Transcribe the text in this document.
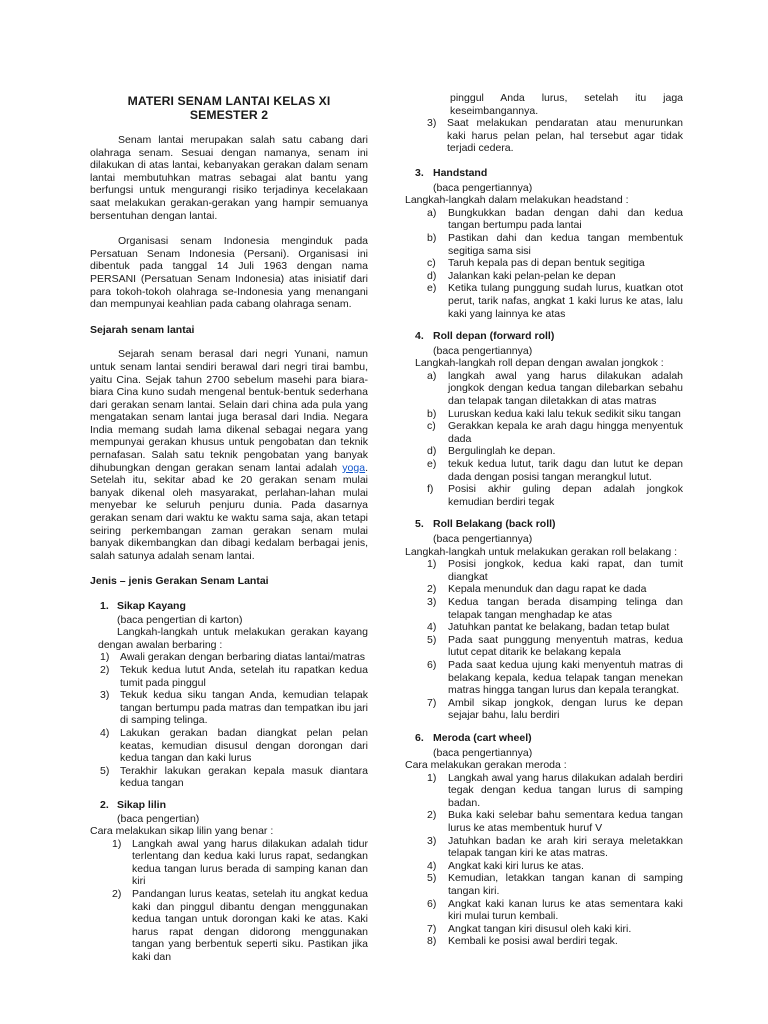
MATERI SENAM LANTAI KELAS XI
SEMESTER 2

Senam lantai merupakan salah satu cabang dari olahraga senam. Sesuai dengan namanya, senam ini dilakukan di atas lantai, kebanyakan gerakan dalam senam lantai membutuhkan matras sebagai alat bantu yang berfungsi untuk mengurangi risiko terjadinya kecelakaan saat melakukan gerakan-gerakan yang hampir semuanya bersentuhan dengan lantai.

Organisasi senam Indonesia menginduk pada Persatuan Senam Indonesia (Persani). Organisasi ini dibentuk pada tanggal 14 Juli 1963 dengan nama PERSANI (Persatuan Senam Indonesia) atas inisiatif dari para tokoh-tokoh olahraga se-Indonesia yang menangani dan mempunyai keahlian pada cabang olahraga senam.

Sejarah senam lantai

Sejarah senam berasal dari negri Yunani, namun untuk senam lantai sendiri berawal dari negri tirai bambu, yaitu Cina. Sejak tahun 2700 sebelum masehi para biara-biara Cina kuno sudah mengenal bentuk-bentuk sederhana dari gerakan senam lantai. Selain dari china ada pula yang mengatakan senam lantai juga berasal dari India. Negara India memang sudah lama dikenal sebagai negara yang mempunyai gerakan khusus untuk pengobatan dan teknik pernafasan. Salah satu teknik pengobatan yang banyak dihubungkan dengan gerakan senam lantai adalah yoga. Setelah itu, sekitar abad ke 20 gerakan senam mulai banyak dikenal oleh masyarakat, perlahan-lahan mulai menyebar ke seluruh penjuru dunia. Pada dasarnya gerakan senam dari waktu ke waktu sama saja, akan tetapi seiring perkembangan zaman gerakan senam mulai banyak dikembangkan dan dibagi kedalam berbagai jenis, salah satunya adalah senam lantai.

Jenis – jenis Gerakan Senam Lantai
1. Sikap Kayang
(baca pengertian di karton)
Langkah-langkah untuk melakukan gerakan kayang
dengan awalan berbaring :
1)	Awali gerakan dengan berbaring diatas lantai/matras
2)	Tekuk kedua lutut Anda, setelah itu rapatkan kedua tumit pada pinggul
3)	Tekuk kedua siku tangan Anda, kemudian telapak tangan bertumpu pada matras dan tempatkan ibu jari di samping telinga.
4)	Lakukan gerakan badan diangkat pelan pelan keatas, kemudian disusul dengan dorongan dari kedua tangan dan kaki lurus
5)	Terakhir lakukan gerakan kepala masuk diantara kedua tangan
2. Sikap lilin
(baca pengertian)
Cara melakukan sikap lilin yang benar :
1)	Langkah awal yang harus dilakukan adalah tidur terlentang dan kedua kaki lurus rapat, sedangkan kedua tangan lurus berada di samping kanan dan kiri
2)	Pandangan lurus keatas, setelah itu angkat kedua kaki dan pinggul dibantu dengan menggunakan kedua tangan untuk dorongan kaki ke atas. Kaki harus rapat dengan didorong menggunakan tangan yang berbentuk seperti siku. Pastikan jika kaki dan
pinggul Anda lurus, setelah itu jaga keseimbangannya.
3)	Saat melakukan pendaratan atau menurunkan kaki harus pelan pelan, hal tersebut agar tidak terjadi cedera.
3. Handstand
(baca pengertiannya)
Langkah-langkah dalam melakukan headstand :
a)	Bungkukkan badan dengan dahi dan kedua tangan bertumpu pada lantai
b)	Pastikan dahi dan kedua tangan membentuk segitiga sama sisi
c)	Taruh kepala pas di depan bentuk segitiga
d)	Jalankan kaki pelan-pelan ke depan
e)	Ketika tulang punggung sudah lurus, kuatkan otot perut, tarik nafas, angkat 1 kaki lurus ke atas, lalu kaki yang lainnya ke atas
4. Roll depan (forward roll)
(baca pengertiannya)
Langkah-langkah roll depan dengan awalan jongkok :
a)	langkah awal yang harus dilakukan adalah jongkok dengan kedua tangan dilebarkan sebahu dan telapak tangan diletakkan di atas matras
b)	Luruskan kedua kaki lalu tekuk sedikit siku tangan
c)	Gerakkan kepala ke arah dagu hingga menyentuk dada
d)	Bergulinglah ke depan.
e)	tekuk kedua lutut, tarik dagu dan lutut ke depan dada dengan posisi tangan merangkul lutut.
f)	Posisi akhir guling depan adalah jongkok kemudian berdiri tegak
5. Roll Belakang (back roll)
(baca pengertiannya)
Langkah-langkah untuk melakukan gerakan roll belakang :
1)	Posisi jongkok, kedua kaki rapat, dan tumit diangkat
2)	Kepala menunduk dan dagu rapat ke dada
3)	Kedua tangan berada disamping telinga dan telapak tangan menghadap ke atas
4)	Jatuhkan pantat ke belakang, badan tetap bulat
5)	Pada saat punggung menyentuh matras, kedua lutut cepat ditarik ke belakang kepala
6)	Pada saat kedua ujung kaki menyentuh matras di belakang kepala, kedua telapak tangan menekan matras hingga tangan lurus dan kepala terangkat.
7)	Ambil sikap jongkok, dengan lurus ke depan sejajar bahu, lalu berdiri
6. Meroda (cart wheel)
(baca pengertiannya)
Cara melakukan gerakan meroda :
1)	Langkah awal yang harus dilakukan adalah berdiri tegak dengan kedua tangan lurus di samping badan.
2)	Buka kaki selebar bahu sementara kedua tangan lurus ke atas membentuk huruf V
3)	Jatuhkan badan ke arah kiri seraya meletakkan telapak tangan kiri ke atas matras.
4)	Angkat kaki kiri lurus ke atas.
5)	Kemudian, letakkan tangan kanan di samping tangan kiri.
6)	Angkat kaki kanan lurus ke atas sementara kaki kiri mulai turun kembali.
7)	Angkat tangan kiri disusul oleh kaki kiri.
8)	Kembali ke posisi awal berdiri tegak.
